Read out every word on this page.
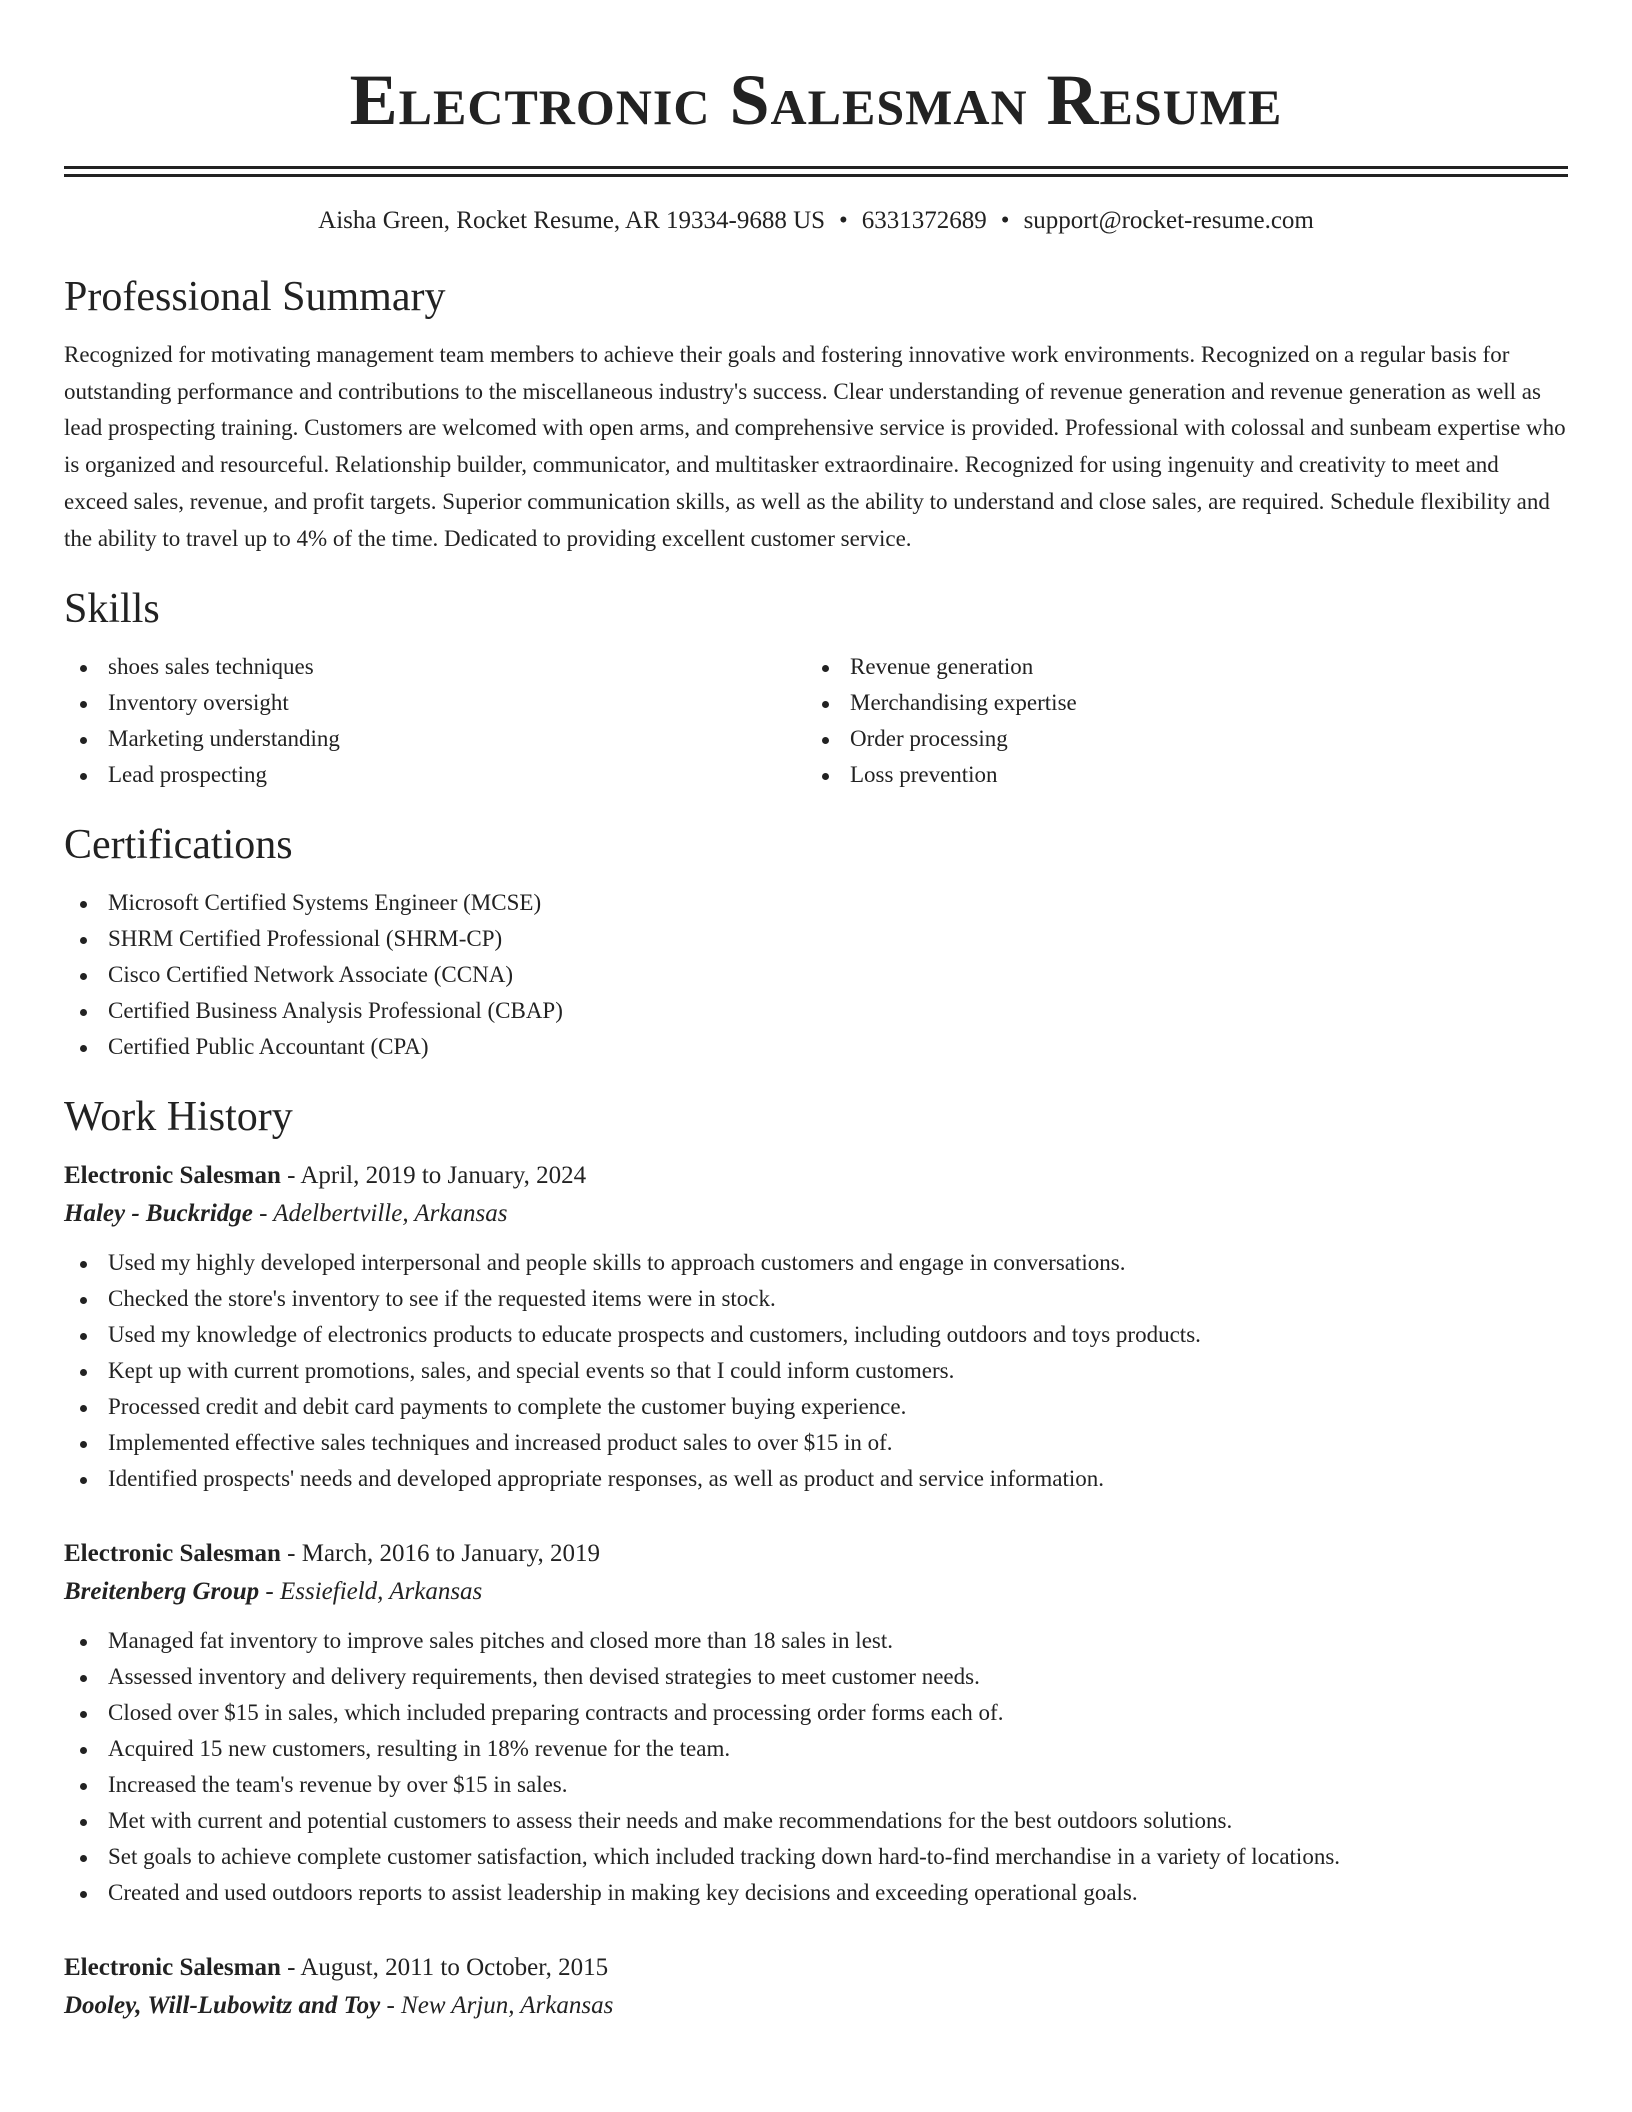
Electronic Salesman Resume
Aisha Green, Rocket Resume, AR 19334-9688 US • 6331372689 • support@rocket-resume.com
Professional Summary

Recognized for motivating management team members to achieve their goals and fostering innovative work environments. Recognized on a regular basis for outstanding performance and contributions to the miscellaneous industry's success. Clear understanding of revenue generation and revenue generation as well as lead prospecting training. Customers are welcomed with open arms, and comprehensive service is provided. Professional with colossal and sunbeam expertise who is organized and resourceful. Relationship builder, communicator, and multitasker extraordinaire. Recognized for using ingenuity and creativity to meet and exceed sales, revenue, and profit targets. Superior communication skills, as well as the ability to understand and close sales, are required. Schedule flexibility and the ability to travel up to 4% of the time. Dedicated to providing excellent customer service.

Skills
shoes sales techniques
Inventory oversight
Marketing understanding
Lead prospecting
Revenue generation
Merchandising expertise
Order processing
Loss prevention
Certifications
Microsoft Certified Systems Engineer (MCSE)
SHRM Certified Professional (SHRM-CP)
Cisco Certified Network Associate (CCNA)
Certified Business Analysis Professional (CBAP)
Certified Public Accountant (CPA)
Work History
Electronic Salesman - April, 2019 to January, 2024
Haley - Buckridge - Adelbertville, Arkansas
Used my highly developed interpersonal and people skills to approach customers and engage in conversations.
Checked the store's inventory to see if the requested items were in stock.
Used my knowledge of electronics products to educate prospects and customers, including outdoors and toys products.
Kept up with current promotions, sales, and special events so that I could inform customers.
Processed credit and debit card payments to complete the customer buying experience.
Implemented effective sales techniques and increased product sales to over $15 in of.
Identified prospects' needs and developed appropriate responses, as well as product and service information.
Electronic Salesman - March, 2016 to January, 2019
Breitenberg Group - Essiefield, Arkansas
Managed fat inventory to improve sales pitches and closed more than 18 sales in lest.
Assessed inventory and delivery requirements, then devised strategies to meet customer needs.
Closed over $15 in sales, which included preparing contracts and processing order forms each of.
Acquired 15 new customers, resulting in 18% revenue for the team.
Increased the team's revenue by over $15 in sales.
Met with current and potential customers to assess their needs and make recommendations for the best outdoors solutions.
Set goals to achieve complete customer satisfaction, which included tracking down hard-to-find merchandise in a variety of locations.
Created and used outdoors reports to assist leadership in making key decisions and exceeding operational goals.
Electronic Salesman - August, 2011 to October, 2015
Dooley, Will-Lubowitz and Toy - New Arjun, Arkansas
